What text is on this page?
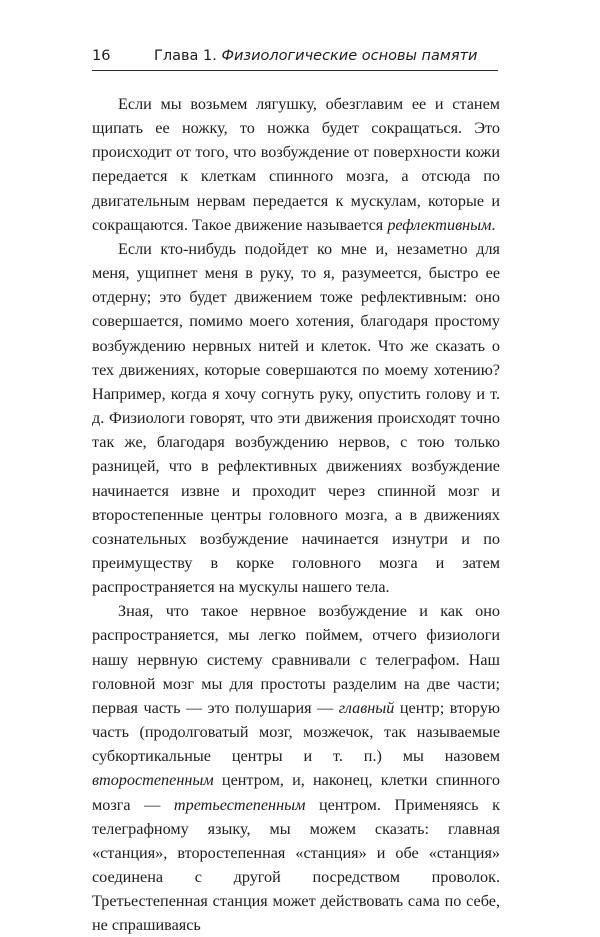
16	Глава 1. Физиологические основы памяти

Если мы возьмем лягушку, обезглавим ее и станем щипать ее ножку, то ножка будет сокращаться. Это происходит от того, что возбуждение от поверхности кожи передается к клеткам спинного мозга, а отсюда по двигательным нервам передается к мускулам, которые и сокращаются. Такое движение называется рефлективным.

Если кто-нибудь подойдет ко мне и, незаметно для меня, ущипнет меня в руку, то я, разумеется, быстро ее отдерну; это будет движением тоже рефлективным: оно совершается, помимо моего хотения, благодаря простому возбуждению нервных нитей и клеток. Что же сказать о тех движениях, которые совершаются по моему хотению? Например, когда я хочу согнуть руку, опустить голову и т. д. Физиологи говорят, что эти движения происходят точно так же, благодаря возбуждению нервов, с тою только разницей, что в рефлективных движениях возбуждение начинается извне и проходит через спинной мозг и второстепенные центры головного мозга, а в движениях сознательных возбуждение начинается изнутри и по преимуществу в корке головного мозга и затем распространяется на мускулы нашего тела.

Зная, что такое нервное возбуждение и как оно распространяется, мы легко поймем, отчего физиологи нашу нервную систему сравнивали с телеграфом. Наш головной мозг мы для простоты разделим на две части; первая часть — это полушария — главный центр; вторую часть (продолговатый мозг, мозжечок, так называемые субкортикальные центры и т. п.) мы назовем второстепенным центром, и, наконец, клетки спинного мозга — третьестепенным центром. Применяясь к телеграфному языку, мы можем сказать: главная «станция», второстепенная «станция» и обе «станция» соединена с другой посредством проволок. Третьестепенная станция может действовать сама по себе, не спрашиваясь
